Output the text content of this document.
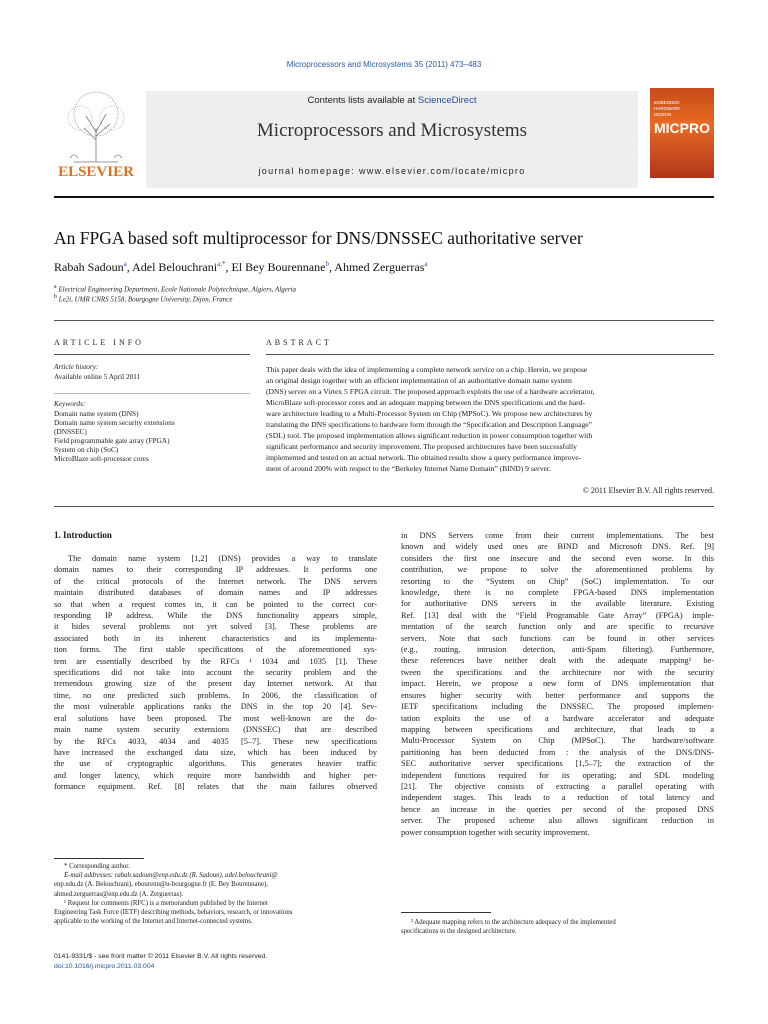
Microprocessors and Microsystems 35 (2011) 473–483
ELSEVIER
Contents lists available at ScienceDirect
Microprocessors and Microsystems
journal homepage: www.elsevier.com/locate/micpro
EMBEDDED
HARDWARE
DESIGN
MICPRO
An FPGA based soft multiprocessor for DNS/DNSSEC authoritative server
Rabah Sadoun$^a$, Adel Belouchrani$^{a,*}$, El Bey Bourennane$^b$, Ahmed Zerguerras$^a$
$^a$ Electrical Engineering Department, Ecole Nationale Polytechnique, Algiers, Algeria
$^b$ Le2i, UMR CNRS 5158, Bourgogne University, Dijon, France
ARTICLE INFO
Article history:
Available online 5 April 2011
Keywords:
Domain name system (DNS)
Domain name system security extensions
(DNSSEC)
Field programmable gate array (FPGA)
System on chip (SoC)
MicroBlaze soft-processor cores
ABSTRACT
This paper deals with the idea of implementing a complete network service on a chip. Herein, we propose
an original design together with an efficient implementation of an authoritative domain name system
(DNS) server on a Virtex 5 FPGA circuit. The proposed approach exploits the use of a hardware accelerator,
MicroBlaze soft-processor cores and an adequate mapping between the DNS specifications and the hard-
ware architecture leading to a Multi-Processor System on Chip (MPSoC). We propose new architectures by
translating the DNS specifications to hardware form through the “Specification and Description Language”
(SDL) tool. The proposed implementation allows significant reduction in power consumption together with
significant performance and security improvement. The proposed architectures have been successfully
implemented and tested on an actual network. The obtained results show a query performance improve-
ment of around 200% with respect to the “Berkeley Internet Name Domain” (BIND) 9 server.
© 2011 Elsevier B.V. All rights reserved.
1. Introduction
The domain name system [1,2] (DNS) provides a way to translate
domain names to their corresponding IP addresses. It performs one
of the critical protocols of the Internet network. The DNS servers
maintain distributed databases of domain names and IP addresses
so that when a request comes in, it can be pointed to the correct cor-
responding IP address. While the DNS functionality appears simple,
it hides several problems not yet solved [3]. These problems are
associated both in its inherent characteristics and its implementa-
tion forms. The first stable specifications of the aforementioned sys-
tem are essentially described by the RFCs ¹ 1034 and 1035 [1]. These
specifications did not take into account the security problem and the
tremendous growing size of the present day Internet network. At that
time, no one predicted such problems. In 2006, the classification of
the most vulnerable applications ranks the DNS in the top 20 [4]. Sev-
eral solutions have been proposed. The most well-known are the do-
main name system security extensions (DNSSEC) that are described
by the RFCs 4033, 4034 and 4035 [5–7]. These new specifications
have increased the exchanged data size, which has been induced by
the use of cryptographic algorithms. This generates heavier traffic
and longer latency, which require more bandwidth and higher per-
formance equipment. Ref. [8] relates that the main failures observed
in DNS Servers come from their current implementations. The best
known and widely used ones are BIND and Microsoft DNS. Ref. [9]
considers the first one insecure and the second even worse. In this
contribution, we propose to solve the aforementioned problems by
resorting to the “System on Chip” (SoC) implementation. To our
knowledge, there is no complete FPGA-based DNS implementation
for authoritative DNS servers in the available literature. Existing
Ref. [13] deal with the “Field Programable Gate Array” (FPGA) imple-
mentation of the search function only and are specific to recursive
servers. Note that such functions can be found in other services
(e.g., routing, intrusion detection, anti-Spam filtering). Furthermore,
these references have neither dealt with the adequate mapping² be-
tween the specifications and the architecture nor with the security
impact. Herein, we propose a new form of DNS implementation that
ensures higher security with better performance and supports the
IETF specifications including the DNSSEC. The proposed implemen-
tation exploits the use of a hardware accelerator and adequate
mapping between specifications and architecture, that leads to a
Multi-Processor System on Chip (MPSoC). The hardware/software
partitioning has been deducted from : the analysis of the DNS/DNS-
SEC authoritative server specifications [1,5–7]; the extraction of the
independent functions required for its operating; and SDL modeling
[21]. The objective consists of extracting a parallel operating with
independent stages. This leads to a reduction of total latency and
hence an increase in the queries per second of the proposed DNS
server. The proposed scheme also allows significant reduction in
power consumption together with security improvement.
* Corresponding author.
E-mail addresses: rabah.sadoun@enp.edu.dz (R. Sadoun), adel.belouchrani@
enp.edu.dz (A. Belouchrani), ebourenn@u-bourgogne.fr (E. Bey Bourennane),
ahmed.zerguerras@enp.edu.dz (A. Zerguerras).
¹ Request for comments (RFC) is a memorandum published by the Internet
Engineering Task Force (IETF) describing methods, behaviors, research, or innovations
applicable to the working of the Internet and Internet-connected systems.	² Adequate mapping refers to the architecture adequacy of the implemented
specifications to the designed architecture.
0141-9331/$ - see front matter © 2011 Elsevier B.V. All rights reserved.
doi:10.1016/j.micpro.2011.03.004
